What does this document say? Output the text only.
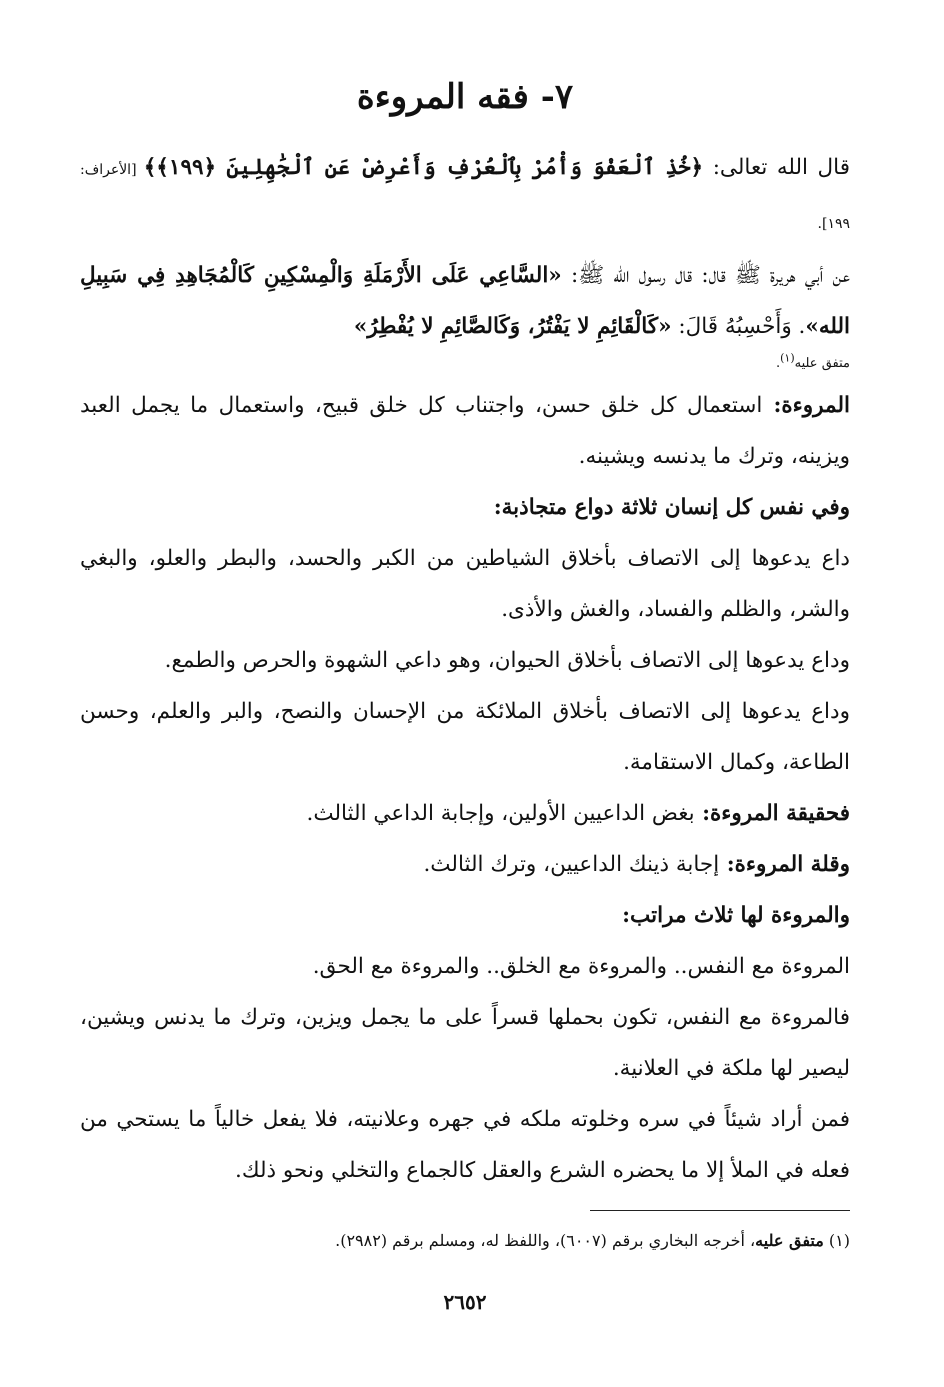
٧- فقه المروءة

قال الله تعالى: ﴿خُذِ ٱلْعَفْوَ وَأْمُرْ بِٱلْعُرْفِ وَأَعْرِضْ عَنِ ٱلْجَٰهِلِينَ ﴿١٩٩﴾﴾ [الأعراف: ١٩٩].

عن أبي هريرة ﷺ قال: قال رسول الله ﷺ: «السَّاعِي عَلَى الأَرْمَلَةِ وَالْمِسْكِينِ كَالْمُجَاهِدِ فِي سَبِيلِ الله». وَأَحْسِبُهُ قَالَ: «كَالْقَائِمِ لا يَفْتُرُ، وَكَالصَّائِمِ لا يُفْطِرُ»

متفق عليه$^{(١)}$.

المروءة: استعمال كل خلق حسن، واجتناب كل خلق قبيح، واستعمال ما يجمل العبد ويزينه، وترك ما يدنسه ويشينه.

وفي نفس كل إنسان ثلاثة دواع متجاذبة:

داع يدعوها إلى الاتصاف بأخلاق الشياطين من الكبر والحسد، والبطر والعلو، والبغي والشر، والظلم والفساد، والغش والأذى.

وداع يدعوها إلى الاتصاف بأخلاق الحيوان، وهو داعي الشهوة والحرص والطمع.

وداع يدعوها إلى الاتصاف بأخلاق الملائكة من الإحسان والنصح، والبر والعلم، وحسن الطاعة، وكمال الاستقامة.

فحقيقة المروءة: بغض الداعيين الأولين، وإجابة الداعي الثالث.

وقلة المروءة: إجابة ذينك الداعيين، وترك الثالث.

والمروءة لها ثلاث مراتب:

المروءة مع النفس.. والمروءة مع الخلق.. والمروءة مع الحق.

فالمروءة مع النفس، تكون بحملها قسراً على ما يجمل ويزين، وترك ما يدنس ويشين، ليصير لها ملكة في العلانية.

فمن أراد شيئاً في سره وخلوته ملكه في جهره وعلانيته، فلا يفعل خالياً ما يستحي من فعله في الملأ إلا ما يحضره الشرع والعقل كالجماع والتخلي ونحو ذلك.

(١) متفق عليه، أخرجه البخاري برقم (٦٠٠٧)، واللفظ له، ومسلم برقم (٢٩٨٢).

٢٦٥٢
